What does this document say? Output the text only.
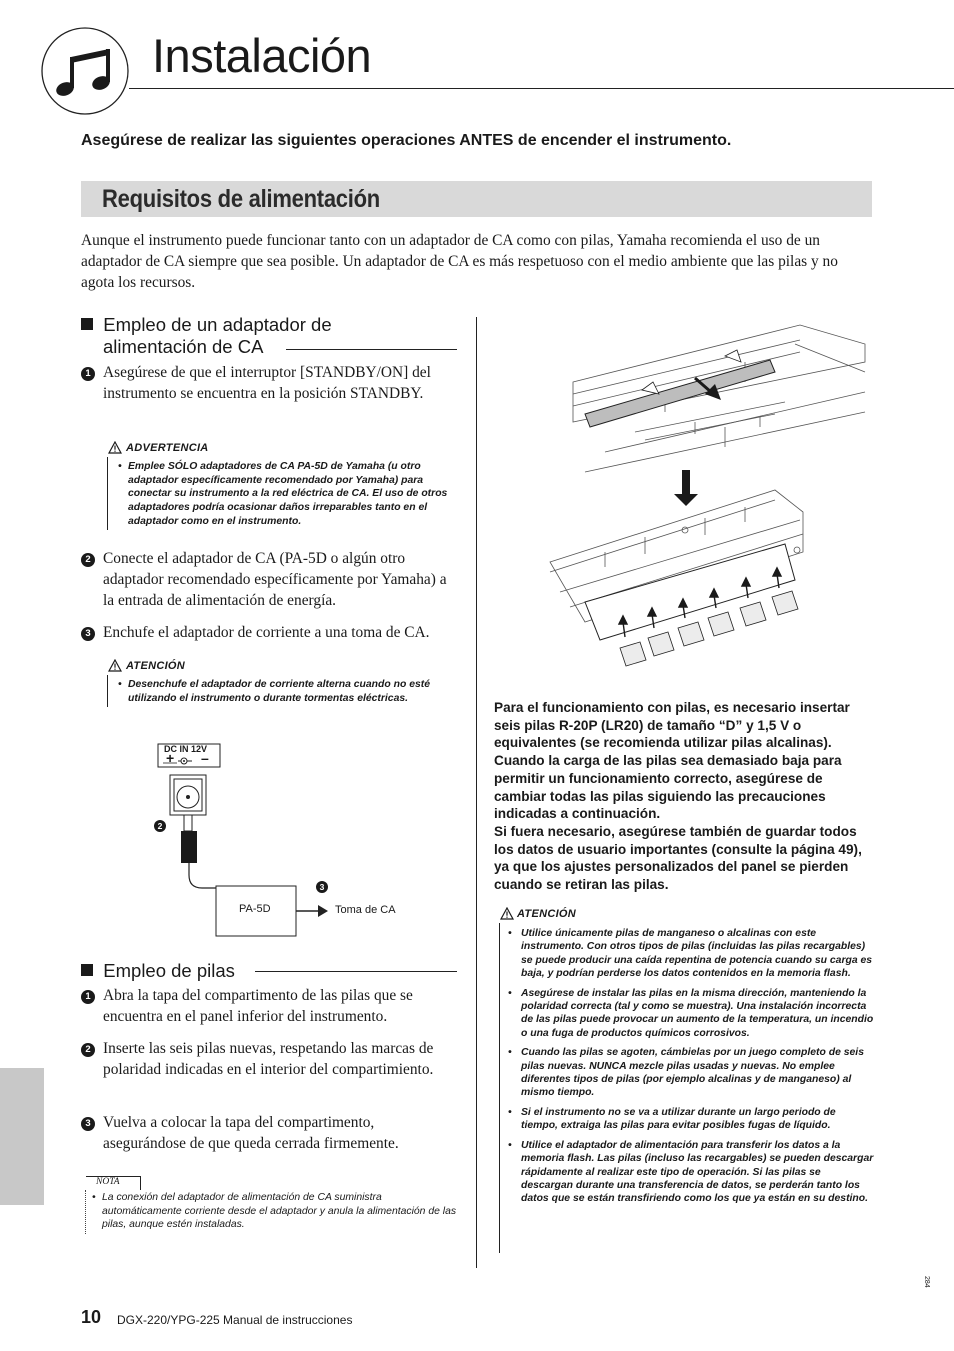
Instalación

Asegúrese de realizar las siguientes operaciones ANTES de encender el instrumento.

Requisitos de alimentación

Aunque el instrumento puede funcionar tanto con un adaptador de CA como con pilas, Yamaha recomienda el uso de un adaptador de CA siempre que sea posible. Un adaptador de CA es más respetuoso con el medio ambiente que las pilas y no agota los recursos.

Empleo de un adaptador de
alimentación de CA
1 Asegúrese de que el interruptor [STANDBY/ON] del instrumento se encuentra en la posición STANDBY.
ADVERTENCIA
• Emplee SÓLO adaptadores de CA PA-5D de Yamaha (u otro adaptador específicamente recomendado por Yamaha) para conectar su instrumento a la red eléctrica de CA. El uso de otros adaptadores podría ocasionar daños irreparables tanto en el adaptador como en el instrumento.
2 Conecte el adaptador de CA (PA-5D o algún otro adaptador recomendado específicamente por Yamaha) a la entrada de alimentación de energía.
3 Enchufe el adaptador de corriente a una toma de CA.
ATENCIÓN
• Desenchufe el adaptador de corriente alterna cuando no esté utilizando el instrumento o durante tormentas eléctricas.
DC IN 12V
+ –
2
3
PA-5D	Toma de CA
Empleo de pilas
1 Abra la tapa del compartimento de las pilas que se encuentra en el panel inferior del instrumento.
2 Inserte las seis pilas nuevas, respetando las marcas de polaridad indicadas en el interior del compartimiento.
3 Vuelva a colocar la tapa del compartimento, asegurándose de que queda cerrada firmemente.
NOTA
• La conexión del adaptador de alimentación de CA suministra automáticamente corriente desde el adaptador y anula la alimentación de las pilas, aunque estén instaladas.
Para el funcionamiento con pilas, es necesario insertar seis pilas R-20P (LR20) de tamaño “D” y 1,5 V o equivalentes (se recomienda utilizar pilas alcalinas). Cuando la carga de las pilas sea demasiado baja para permitir un funcionamiento correcto, asegúrese de cambiar todas las pilas siguiendo las precauciones indicadas a continuación.
Si fuera necesario, asegúrese también de guardar todos los datos de usuario importantes (consulte la página 49), ya que los ajustes personalizados del panel se pierden cuando se retiran las pilas.
ATENCIÓN
• Utilice únicamente pilas de manganeso o alcalinas con este instrumento. Con otros tipos de pilas (incluidas las pilas recargables) se puede producir una caída repentina de potencia cuando su carga es baja, y podrían perderse los datos contenidos en la memoria flash.
• Asegúrese de instalar las pilas en la misma dirección, manteniendo la polaridad correcta (tal y como se muestra). Una instalación incorrecta de las pilas puede provocar un aumento de la temperatura, un incendio o una fuga de productos químicos corrosivos.
• Cuando las pilas se agoten, cámbielas por un juego completo de seis pilas nuevas. NUNCA mezcle pilas usadas y nuevas. No emplee diferentes tipos de pilas (por ejemplo alcalinas y de manganeso) al mismo tiempo.
• Si el instrumento no se va a utilizar durante un largo periodo de tiempo, extraiga las pilas para evitar posibles fugas de líquido.
• Utilice el adaptador de alimentación para transferir los datos a la memoria flash. Las pilas (incluso las recargables) se pueden descargar rápidamente al realizar este tipo de operación. Si las pilas se descargan durante una transferencia de datos, se perderán tanto los datos que se están transfiriendo como los que ya están en su destino.
10 DGX-220/YPG-225 Manual de instrucciones
284
